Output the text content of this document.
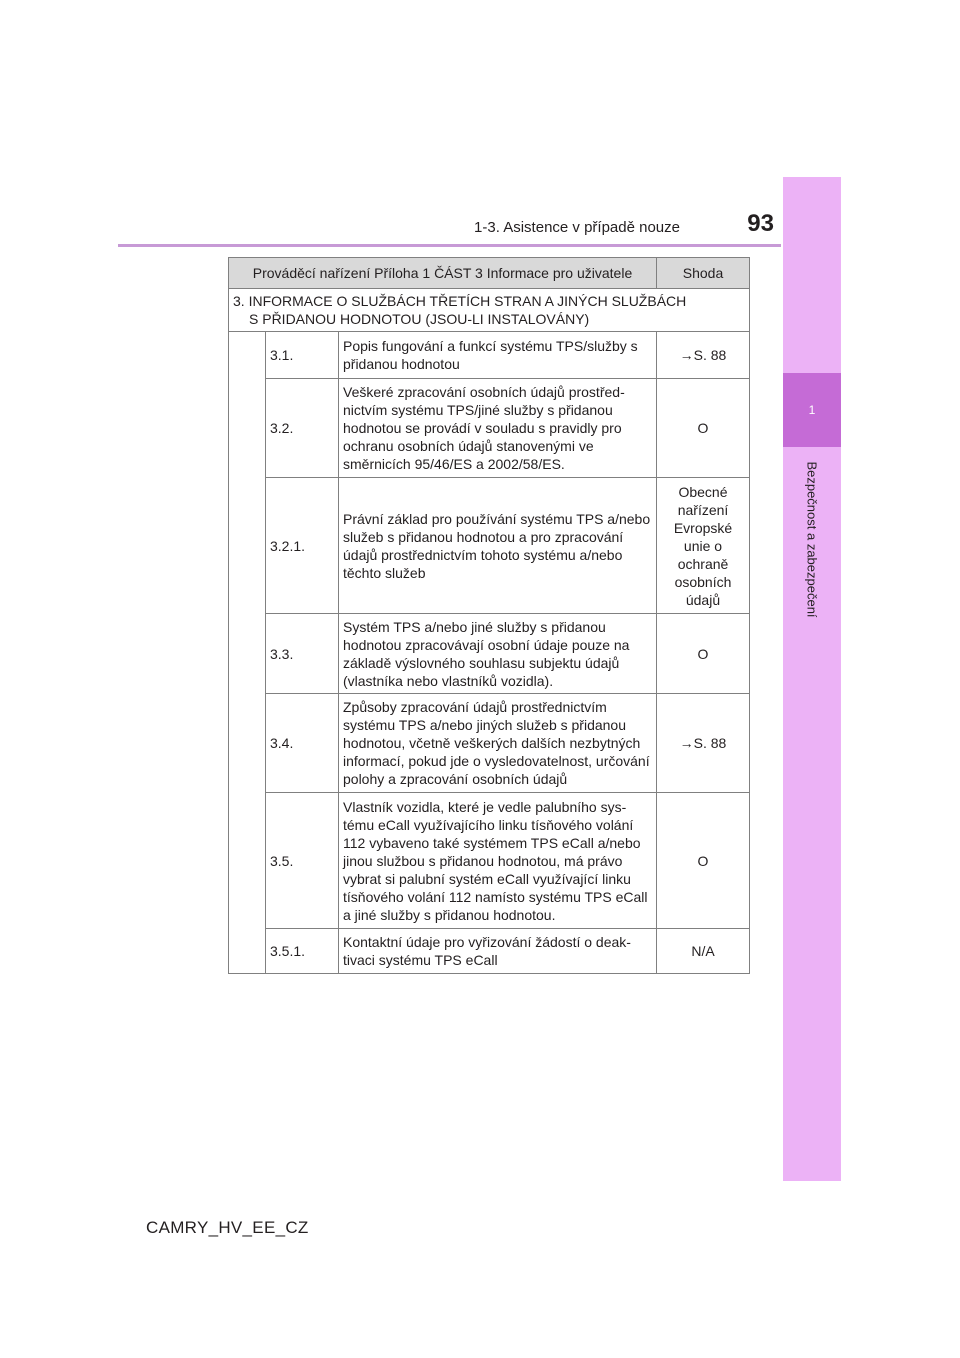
1-3. Asistence v případě nouze	93
1
Bezpečnost a zabezpečení
Prováděcí nařízení Příloha 1 ČÁST 3 Informace pro uživatele			Shoda
3. INFORMACE O SLUŽBÁCH TŘETÍCH STRAN A JINÝCH SLUŽBÁCH
S PŘIDANOU HODNOTOU (JSOU-LI INSTALOVÁNY)			

	3.1.	Popis fungování a funkcí systému TPS/služby s přidanou hodnotou	→S. 88
	3.2.	Veškeré zpracování osobních údajů prostřednictvím systému TPS/jiné služby s přidanou hodnotou se provádí v souladu s pravidly pro ochranu osobních údajů stanovenými ve směrnicích 95/46/ES a 2002/58/ES.	O
	3.2.1.	Právní základ pro používání systému TPS a/nebo služeb s přidanou hodnotou a pro zpracování údajů prostřednictvím tohoto systému a/nebo těchto služeb	Obecné nařízení Evropské unie o ochraně osobních údajů
	3.3.	Systém TPS a/nebo jiné služby s přidanou hodnotou zpracovávají osobní údaje pouze na základě výslovného souhlasu subjektu údajů (vlastníka nebo vlastníků vozidla).	O
	3.4.	Způsoby zpracování údajů prostřednictvím systému TPS a/nebo jiných služeb s přidanou hodnotou, včetně veškerých dalších nezbytných informací, pokud jde o vysledovatelnost, určování polohy a zpracování osobních údajů	→S. 88
	3.5.	Vlastník vozidla, které je vedle palubního systému eCall využívajícího linku tísňového volání 112 vybaveno také systémem TPS eCall a/nebo jinou službou s přidanou hodnotou, má právo vybrat si palubní systém eCall využívající linku tísňového volání 112 namísto systému TPS eCall a jiné služby s přidanou hodnotou.	O
	3.5.1.	Kontaktní údaje pro vyřizování žádostí o deaktivaci systému TPS eCall	N/A
CAMRY_HV_EE_CZ
